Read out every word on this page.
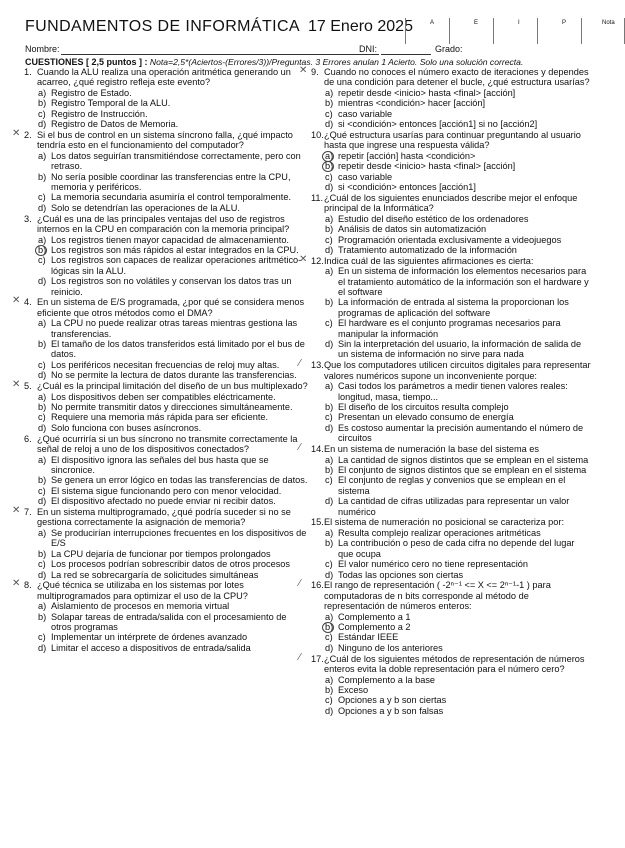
FUNDAMENTOS DE INFORMÁTICA 17 Enero 2025	A	E	I	P	Nota
Nombre:	DNI:	Grado:
CUESTIONES [ 2,5 puntos ] : Nota=2,5*(Aciertos-(Errores/3))/Preguntas. 3 Errores anulan 1 Acierto. Solo una solución correcta.
1. Cuando la ALU realiza una operación aritmética generando un acarreo, ¿qué registro refleja este evento?
a) Registro de Estado.
b) Registro Temporal de la ALU.
c) Registro de Instrucción.
d) Registro de Datos de Memoria.
✕ 2. Si el bus de control en un sistema síncrono falla, ¿qué impacto tendría esto en el funcionamiento del computador?
a) Los datos seguirían transmitiéndose correctamente, pero con retraso.
b) No sería posible coordinar las transferencias entre la CPU, memoria y periféricos.
c) La memoria secundaria asumiría el control temporalmente.
d) Solo se detendrían las operaciones de la ALU.
3. ¿Cuál es una de las principales ventajas del uso de registros internos en la CPU en comparación con la memoria principal?
a) Los registros tienen mayor capacidad de almacenamiento.
b) Los registros son más rápidos al estar integrados en la CPU.
c) Los registros son capaces de realizar operaciones aritmético-lógicas sin la ALU.
d) Los registros son no volátiles y conservan los datos tras un reinicio.
✕ 4. En un sistema de E/S programada, ¿por qué se considera menos eficiente que otros métodos como el DMA?
a) La CPU no puede realizar otras tareas mientras gestiona las transferencias.
b) El tamaño de los datos transferidos está limitado por el bus de datos.
c) Los periféricos necesitan frecuencias de reloj muy altas.
d) No se permite la lectura de datos durante las transferencias.
✕ 5. ¿Cuál es la principal limitación del diseño de un bus multiplexado?
a) Los dispositivos deben ser compatibles eléctricamente.
b) No permite transmitir datos y direcciones simultáneamente.
c) Requiere una memoria más rápida para ser eficiente.
d) Solo funciona con buses asíncronos.
6. ¿Qué ocurriría si un bus síncrono no transmite correctamente la señal de reloj a uno de los dispositivos conectados?
a) El dispositivo ignora las señales del bus hasta que se sincronice.
b) Se genera un error lógico en todas las transferencias de datos.
c) El sistema sigue funcionando pero con menor velocidad.
d) El dispositivo afectado no puede enviar ni recibir datos.
✕ 7. En un sistema multiprogramado, ¿qué podría suceder si no se gestiona correctamente la asignación de memoria?
a) Se producirían interrupciones frecuentes en los dispositivos de E/S
b) La CPU dejaría de funcionar por tiempos prolongados
c) Los procesos podrían sobrescribir datos de otros procesos
d) La red se sobrecargaría de solicitudes simultáneas
✕ 8. ¿Qué técnica se utilizaba en los sistemas por lotes multiprogramados para optimizar el uso de la CPU?
a) Aislamiento de procesos en memoria virtual
b) Solapar tareas de entrada/salida con el procesamiento de otros programas
c) Implementar un intérprete de órdenes avanzado
d) Limitar el acceso a dispositivos de entrada/salida
✕ 9. Cuando no conoces el número exacto de iteraciones y dependes de una condición para detener el bucle, ¿qué estructura usarías?
a) repetir desde <inicio> hasta <final> [acción]
b) mientras <condición> hacer [acción]
c) caso variable
d) si <condición> entonces [acción1] si no [acción2]
10.¿Qué estructura usarías para continuar preguntando al usuario hasta que ingrese una respuesta válida?
a) repetir [acción] hasta <condición>
b) repetir desde <inicio> hasta <final> [acción]
c) caso variable
d) si <condición> entonces [acción1]
11.¿Cuál de los siguientes enunciados describe mejor el enfoque principal de la Informática?
a) Estudio del diseño estético de los ordenadores
b) Análisis de datos sin automatización
c) Programación orientada exclusivamente a videojuegos
d) Tratamiento automatizado de la información
✕ 12.Indica cuál de las siguientes afirmaciones es cierta:
a) En un sistema de información los elementos necesarios para el tratamiento automático de la información son el hardware y el software
b) La información de entrada al sistema la proporcionan los programas de aplicación del software
c) El hardware es el conjunto programas necesarios para manipular la información
d) Sin la interpretación del usuario, la información de salida de un sistema de información no sirve para nada
⁄ 13.Que los computadores utilicen circuitos digitales para representar valores numéricos supone un inconveniente porque:
a) Casi todos los parámetros a medir tienen valores reales: longitud, masa, tiempo...
b) El diseño de los circuitos resulta complejo
c) Presentan un elevado consumo de energía
d) Es costoso aumentar la precisión aumentando el número de circuitos
⁄ 14.En un sistema de numeración la base del sistema es
a) La cantidad de signos distintos que se emplean en el sistema
b) El conjunto de signos distintos que se emplean en el sistema
c) El conjunto de reglas y convenios que se emplean en el sistema
d) La cantidad de cifras utilizadas para representar un valor numérico
15.El sistema de numeración no posicional se caracteriza por:
a) Resulta complejo realizar operaciones aritméticas
b) La contribución o peso de cada cifra no depende del lugar que ocupa
c) El valor numérico cero no tiene representación
d) Todas las opciones son ciertas
⁄ 16.El rango de representación ( -2ⁿ⁻¹ <= X <= 2ⁿ⁻¹-1 ) para computadoras de n bits corresponde al método de representación de números enteros:
a) Complemento a 1
b) Complemento a 2
c) Estándar IEEE
d) Ninguno de los anteriores
⁄ 17.¿Cuál de los siguientes métodos de representación de números enteros evita la doble representación para el número cero?
a) Complemento a la base
b) Exceso
c) Opciones a y b son ciertas
d) Opciones a y b son falsas
